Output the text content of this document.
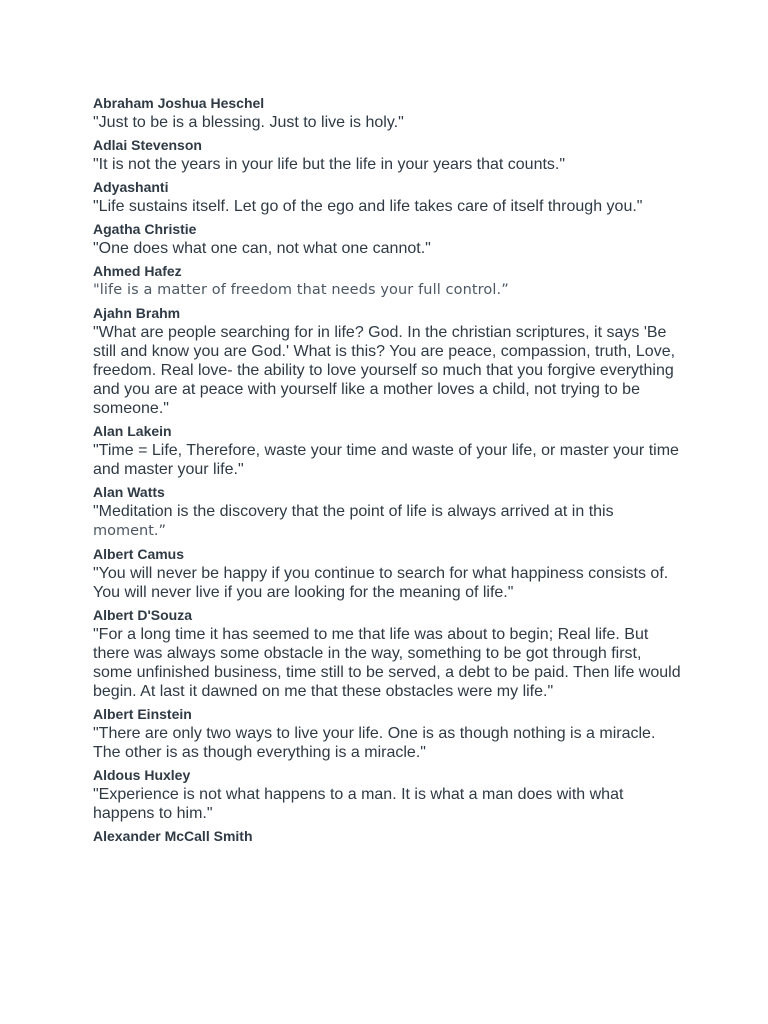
Abraham Joshua Heschel
"Just to be is a blessing. Just to live is holy."
Adlai Stevenson
"It is not the years in your life but the life in your years that counts."
Adyashanti
"Life sustains itself. Let go of the ego and life takes care of itself through you."
Agatha Christie
"One does what one can, not what one cannot."
Ahmed Hafez
"life is a matter of freedom that needs your full control.”
Ajahn Brahm
"What are people searching for in life? God. In the christian scriptures, it says 'Be still and know you are God.' What is this? You are peace, compassion, truth, Love, freedom. Real love- the ability to love yourself so much that you forgive everything and you are at peace with yourself like a mother loves a child, not trying to be someone."
Alan Lakein
"Time = Life, Therefore, waste your time and waste of your life, or master your time and master your life."
Alan Watts
"Meditation is the discovery that the point of life is always arrived at in this moment.”
Albert Camus
"You will never be happy if you continue to search for what happiness consists of. You will never live if you are looking for the meaning of life."
Albert D'Souza
"For a long time it has seemed to me that life was about to begin; Real life. But there was always some obstacle in the way, something to be got through first, some unfinished business, time still to be served, a debt to be paid. Then life would begin. At last it dawned on me that these obstacles were my life."
Albert Einstein
"There are only two ways to live your life. One is as though nothing is a miracle. The other is as though everything is a miracle."
Aldous Huxley
"Experience is not what happens to a man. It is what a man does with what happens to him."
Alexander McCall Smith
